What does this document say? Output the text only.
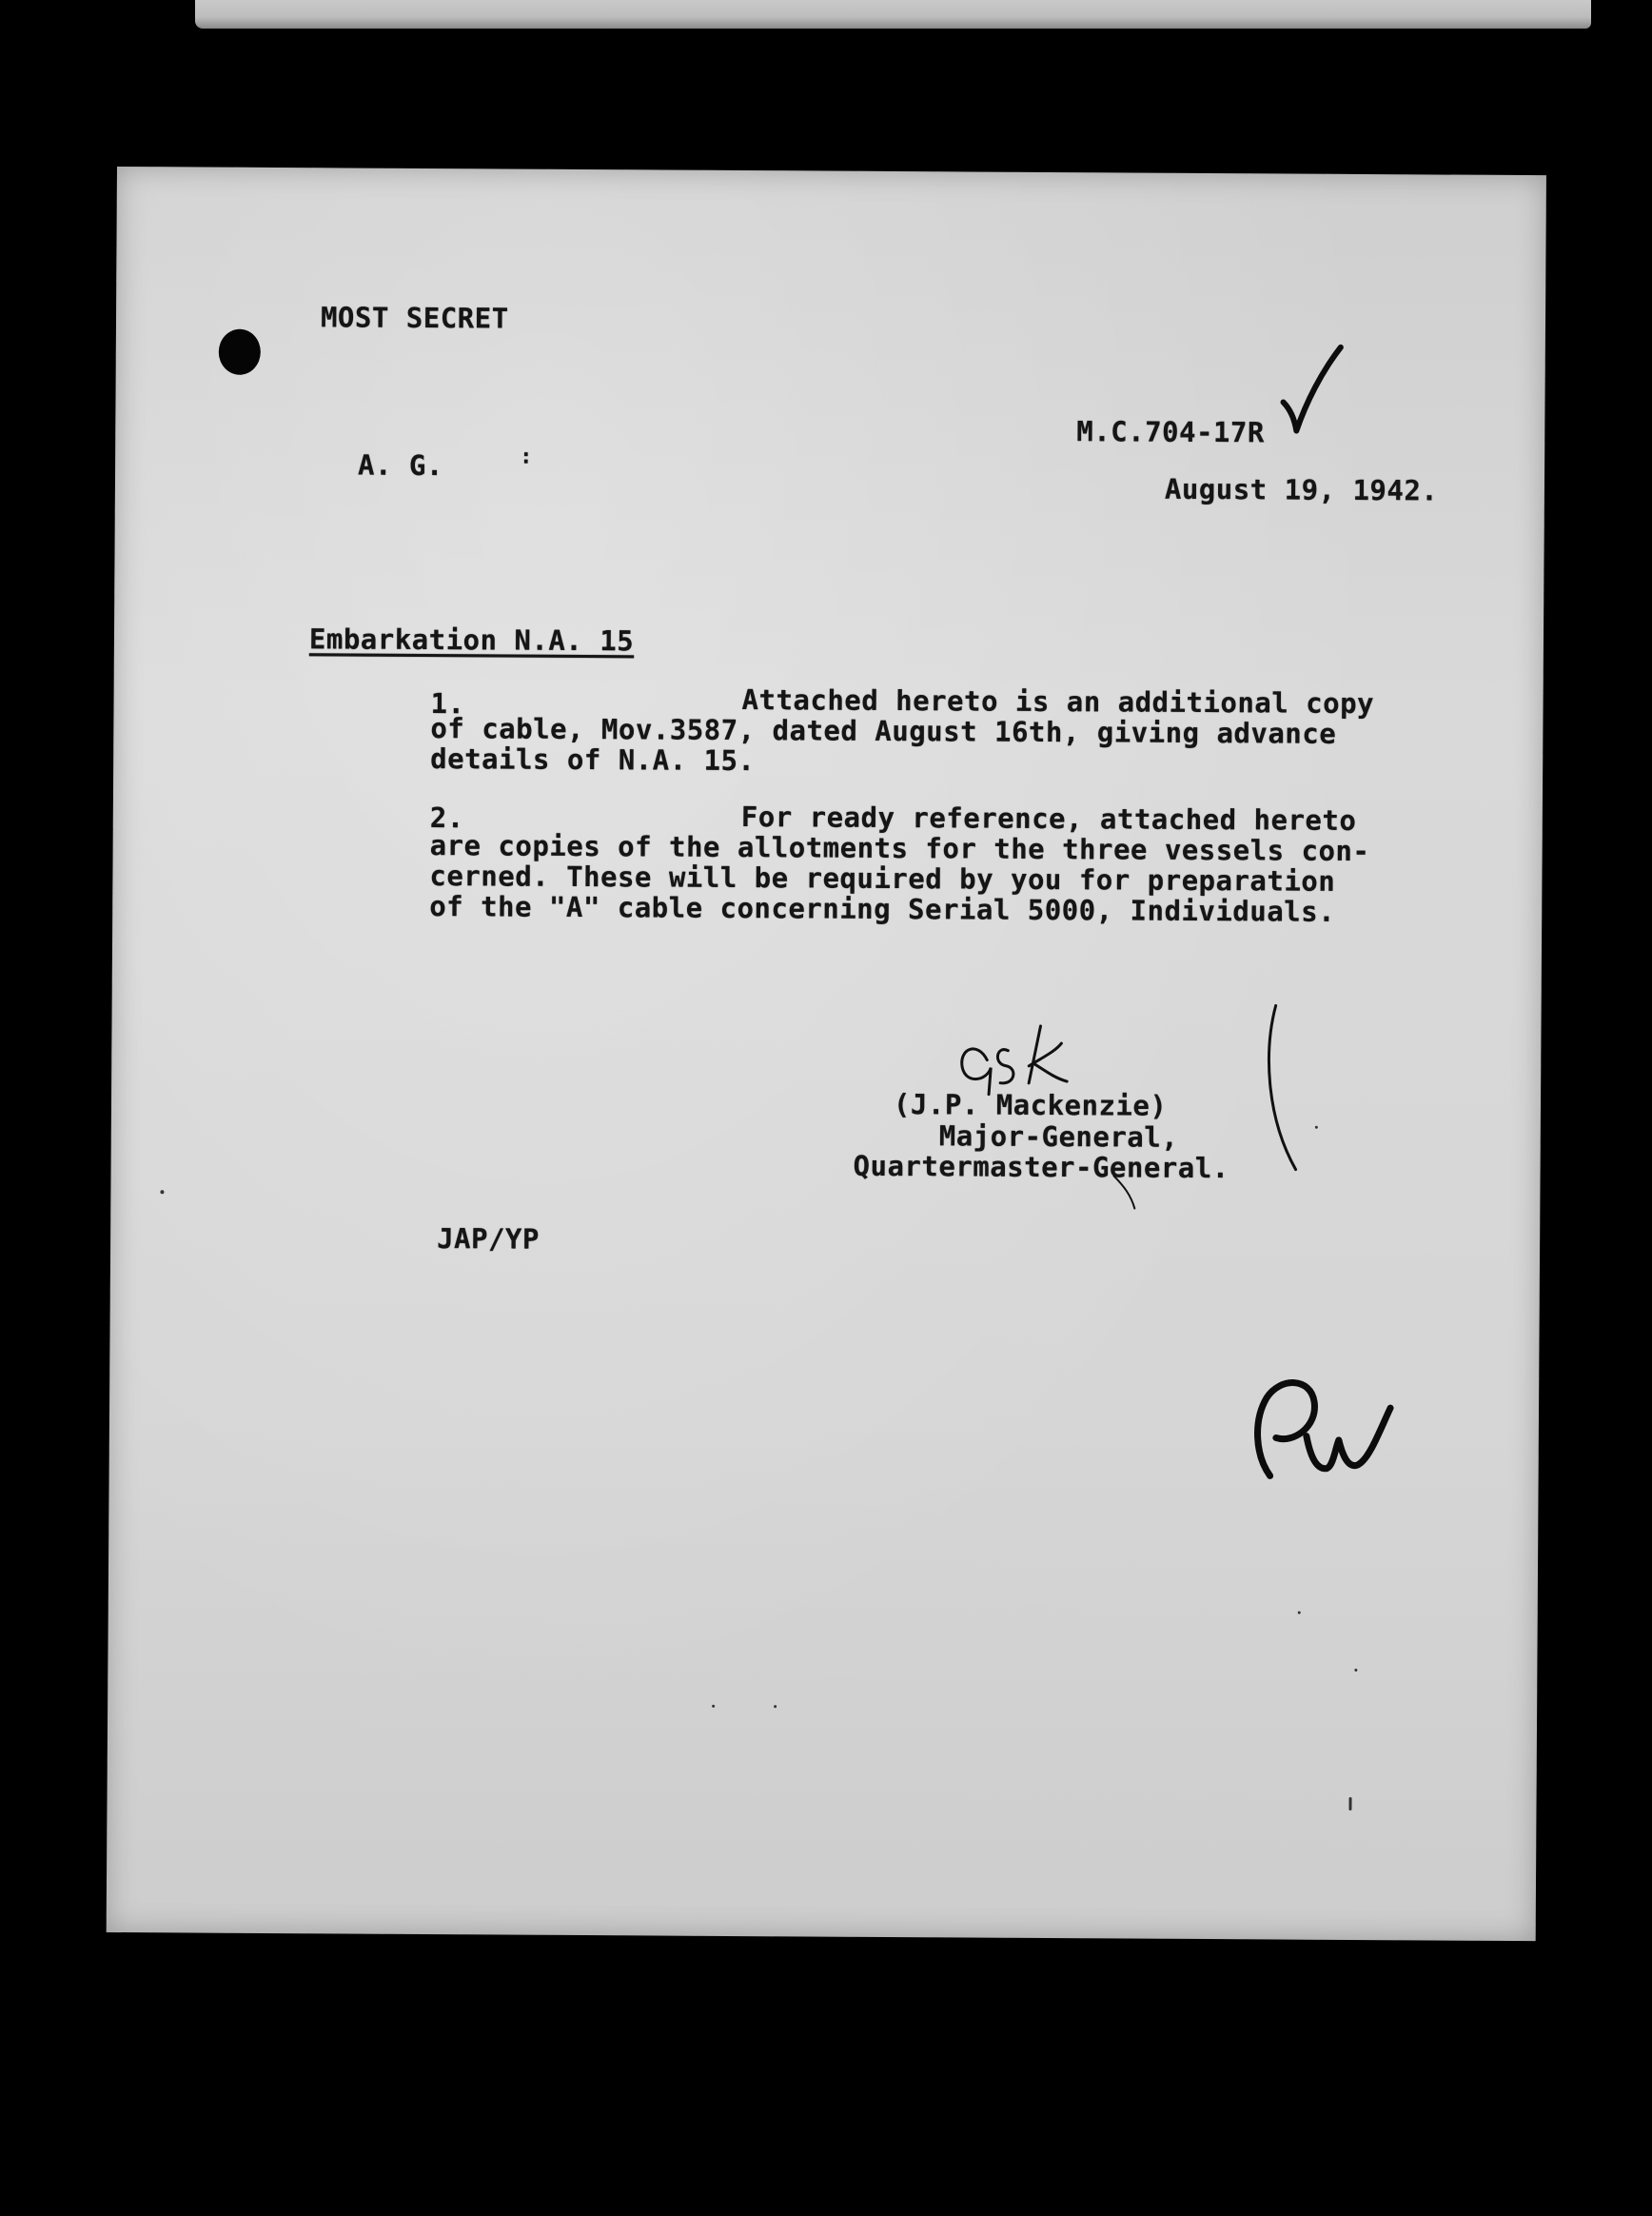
MOST SECRET
A. G.	:
M.C.704-17R
August 19, 1942.
Embarkation N.A. 15
1.	Attached hereto is an additional copy
of cable, Mov.3587, dated August 16th, giving advance
details of N.A. 15.
2.	For ready reference, attached hereto
are copies of the allotments for the three vessels con-
cerned. These will be required by you for preparation
of the "A" cable concerning Serial 5000, Individuals.
(J.P. Mackenzie)
Major-General,
Quartermaster-General.
JAP/YP
